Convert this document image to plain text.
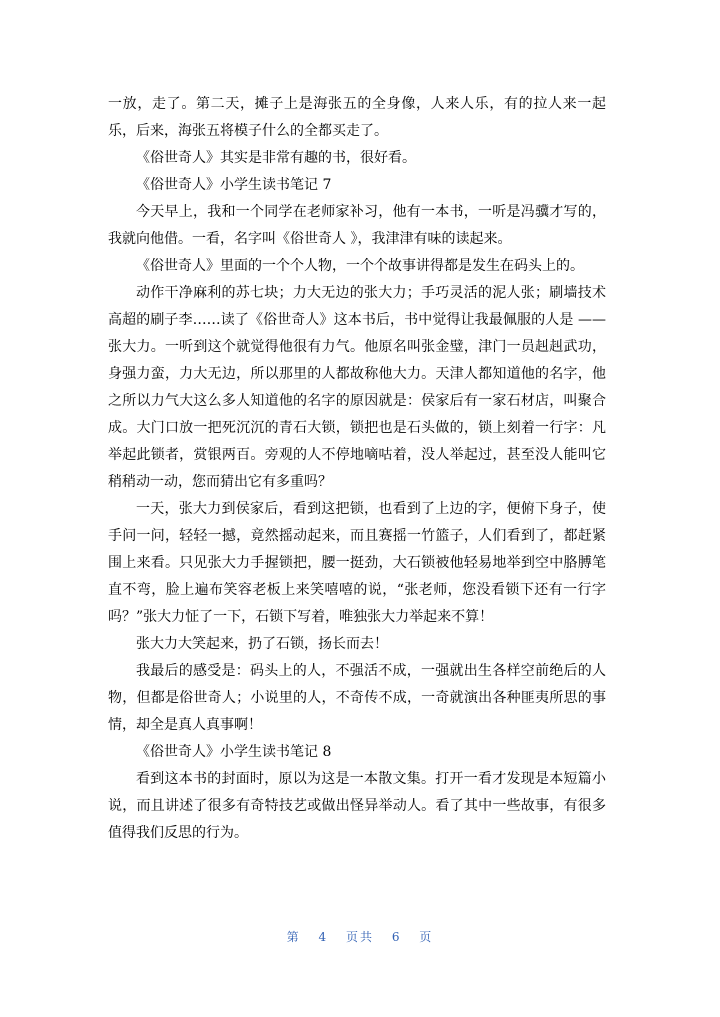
一放，走了。第二天，摊子上是海张五的全身像，人来人乐，有的拉人来一起乐，后来，海张五将模子什么的全都买走了。

《俗世奇人》其实是非常有趣的书，很好看。

《俗世奇人》小学生读书笔记 7

今天早上，我和一个同学在老师家补习，他有一本书，一听是冯骥才写的，我就向他借。一看，名字叫《俗世奇人 》，我津津有味的读起来。

《俗世奇人》里面的一个个人物，一个个故事讲得都是发生在码头上的。

动作干净麻利的苏七块；力大无边的张大力；手巧灵活的泥人张；刷墙技术高超的刷子李……读了《俗世奇人》这本书后，书中觉得让我最佩服的人是 —— 张大力。一听到这个就觉得他很有力气。他原名叫张金璧，津门一员赳赳武功，身强力蛮，力大无边，所以那里的人都故称他大力。天津人都知道他的名字，他之所以力气大这么多人知道他的名字的原因就是：侯家后有一家石材店，叫聚合成。大门口放一把死沉沉的青石大锁，锁把也是石头做的，锁上刻着一行字：凡举起此锁者，赏银两百。旁观的人不停地嘀咕着，没人举起过，甚至没人能叫它稍稍动一动，您而猜出它有多重吗？

一天，张大力到侯家后，看到这把锁，也看到了上边的字，便俯下身子，使手问一问，轻轻一撼，竟然摇动起来，而且赛摇一竹篮子，人们看到了，都赶紧围上来看。只见张大力手握锁把，腰一挺劲，大石锁被他轻易地举到空中胳膊笔直不弯，脸上遍布笑容老板上来笑嘻嘻的说，“张老师，您没看锁下还有一行字吗？”张大力怔了一下，石锁下写着，唯独张大力举起来不算！

张大力大笑起来，扔了石锁，扬长而去！

我最后的感受是：码头上的人，不强活不成，一强就出生各样空前绝后的人物，但都是俗世奇人；小说里的人，不奇传不成，一奇就演出各种匪夷所思的事情，却全是真人真事啊！

《俗世奇人》小学生读书笔记 8

看到这本书的封面时，原以为这是一本散文集。打开一看才发现是本短篇小说，而且讲述了很多有奇特技艺或做出怪异举动人。看了其中一些故事，有很多值得我们反思的行为。

第 4 页共 6 页
